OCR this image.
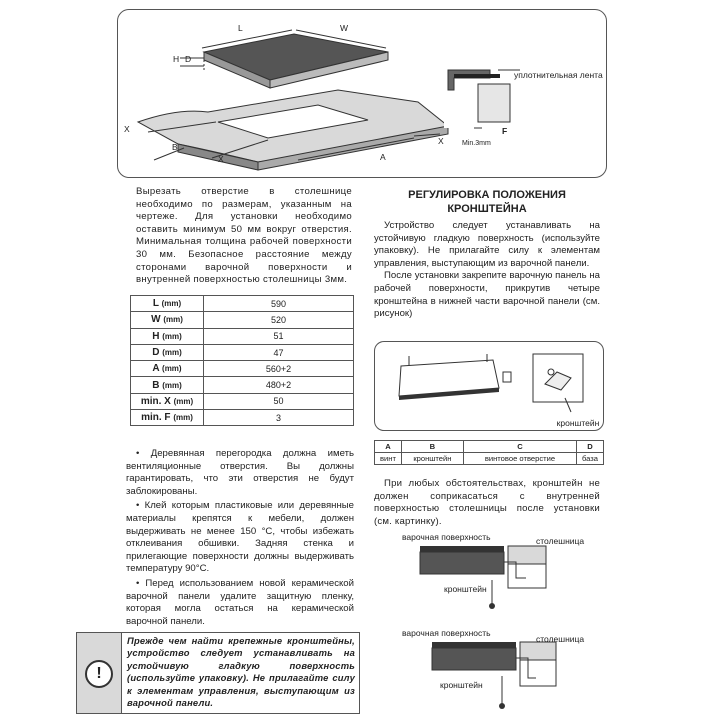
L	W
H D
X
B
X	A
X
F
Min.3mm
уплотнительная лента
Вырезать отверстие в столешнице необходимо по размерам, указанным на чертеже. Для установки необходимо оставить минимум 50 мм вокруг отверстия. Минимальная толщина рабочей поверхности 30 мм. Безопасное расстояние между сторонами варочной поверхности и внутренней поверхностью столешницы 3мм.
L (mm)	590
W (mm)	520
H (mm)	51
D (mm)	47
A (mm)	560+2
B (mm)	480+2
min. X (mm)	50
min. F (mm)	3

• Деревянная перегородка должна иметь вентиляционные отверстия. Вы должны гарантировать, что эти отверстия не будут заблокированы.

• Клей которым пластиковые или деревянные материалы крепятся к мебели, должен выдерживать не менее 150 °С, чтобы избежать отклеивания обшивки. Задняя стенка и прилегающие поверхности должны выдерживать температуру 90°С.

• Перед использованием новой керамической варочной панели удалите защитную пленку, которая могла остаться на керамической варочной панели.

!
Прежде чем найти крепежные кронштейны, устройство следует устанавливать на устойчивую гладкую поверхность (используйте упаковку). Не прилагайте силу к элементам управления, выступающим из варочной панели.
РЕГУЛИРОВКА ПОЛОЖЕНИЯ
КРОНШТЕЙНА

Устройство следует устанавливать на устойчивую гладкую поверхность (используйте упаковку). Не прилагайте силу к элементам управления, выступающим из варочной панели.

После установки закрепите варочную панель на рабочей поверхности, прикрутив четыре кронштейна в нижней части варочной панели (см. рисунок)

кронштейн
A	B	C	D
винт	кронштейн	винтовое отверстие	база

При любых обстоятельствах, кронштейн не должен соприкасаться с внутренней поверхностью столешницы после установки (см. картинку).

варочная поверхность	столешница
кронштейн
варочная поверхность
столешница
кронштейн
